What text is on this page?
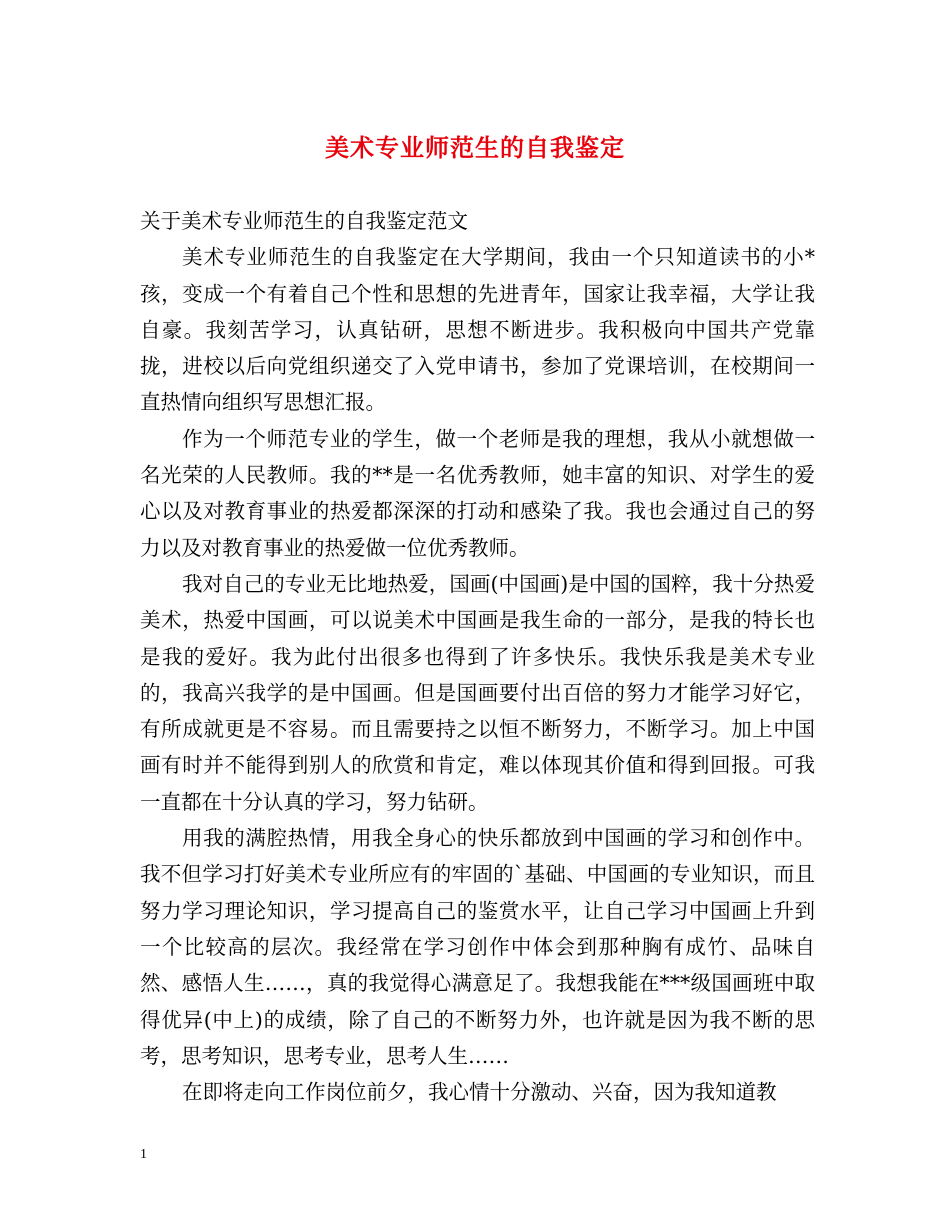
美术专业师范生的自我鉴定

关于美术专业师范生的自我鉴定范文

美术专业师范生的自我鉴定在大学期间，我由一个只知道读书的小*孩，变成一个有着自己个性和思想的先进青年，国家让我幸福，大学让我自豪。我刻苦学习，认真钻研，思想不断进步。我积极向中国共产党靠拢，进校以后向党组织递交了入党申请书，参加了党课培训，在校期间一直热情向组织写思想汇报。

作为一个师范专业的学生，做一个老师是我的理想，我从小就想做一名光荣的人民教师。我的**是一名优秀教师，她丰富的知识、对学生的爱心以及对教育事业的热爱都深深的打动和感染了我。我也会通过自己的努力以及对教育事业的热爱做一位优秀教师。

我对自己的专业无比地热爱，国画(中国画)是中国的国粹，我十分热爱美术，热爱中国画，可以说美术中国画是我生命的一部分，是我的特长也是我的爱好。我为此付出很多也得到了许多快乐。我快乐我是美术专业的，我高兴我学的是中国画。但是国画要付出百倍的努力才能学习好它，有所成就更是不容易。而且需要持之以恒不断努力，不断学习。加上中国画有时并不能得到别人的欣赏和肯定，难以体现其价值和得到回报。可我一直都在十分认真的学习，努力钻研。

用我的满腔热情，用我全身心的快乐都放到中国画的学习和创作中。我不但学习打好美术专业所应有的牢固的`基础、中国画的专业知识，而且努力学习理论知识，学习提高自己的鉴赏水平，让自己学习中国画上升到一个比较高的层次。我经常在学习创作中体会到那种胸有成竹、品味自然、感悟人生……，真的我觉得心满意足了。我想我能在***级国画班中取得优异(中上)的成绩，除了自己的不断努力外，也许就是因为我不断的思考，思考知识，思考专业，思考人生……

在即将走向工作岗位前夕，我心情十分激动、兴奋，因为我知道教

1
